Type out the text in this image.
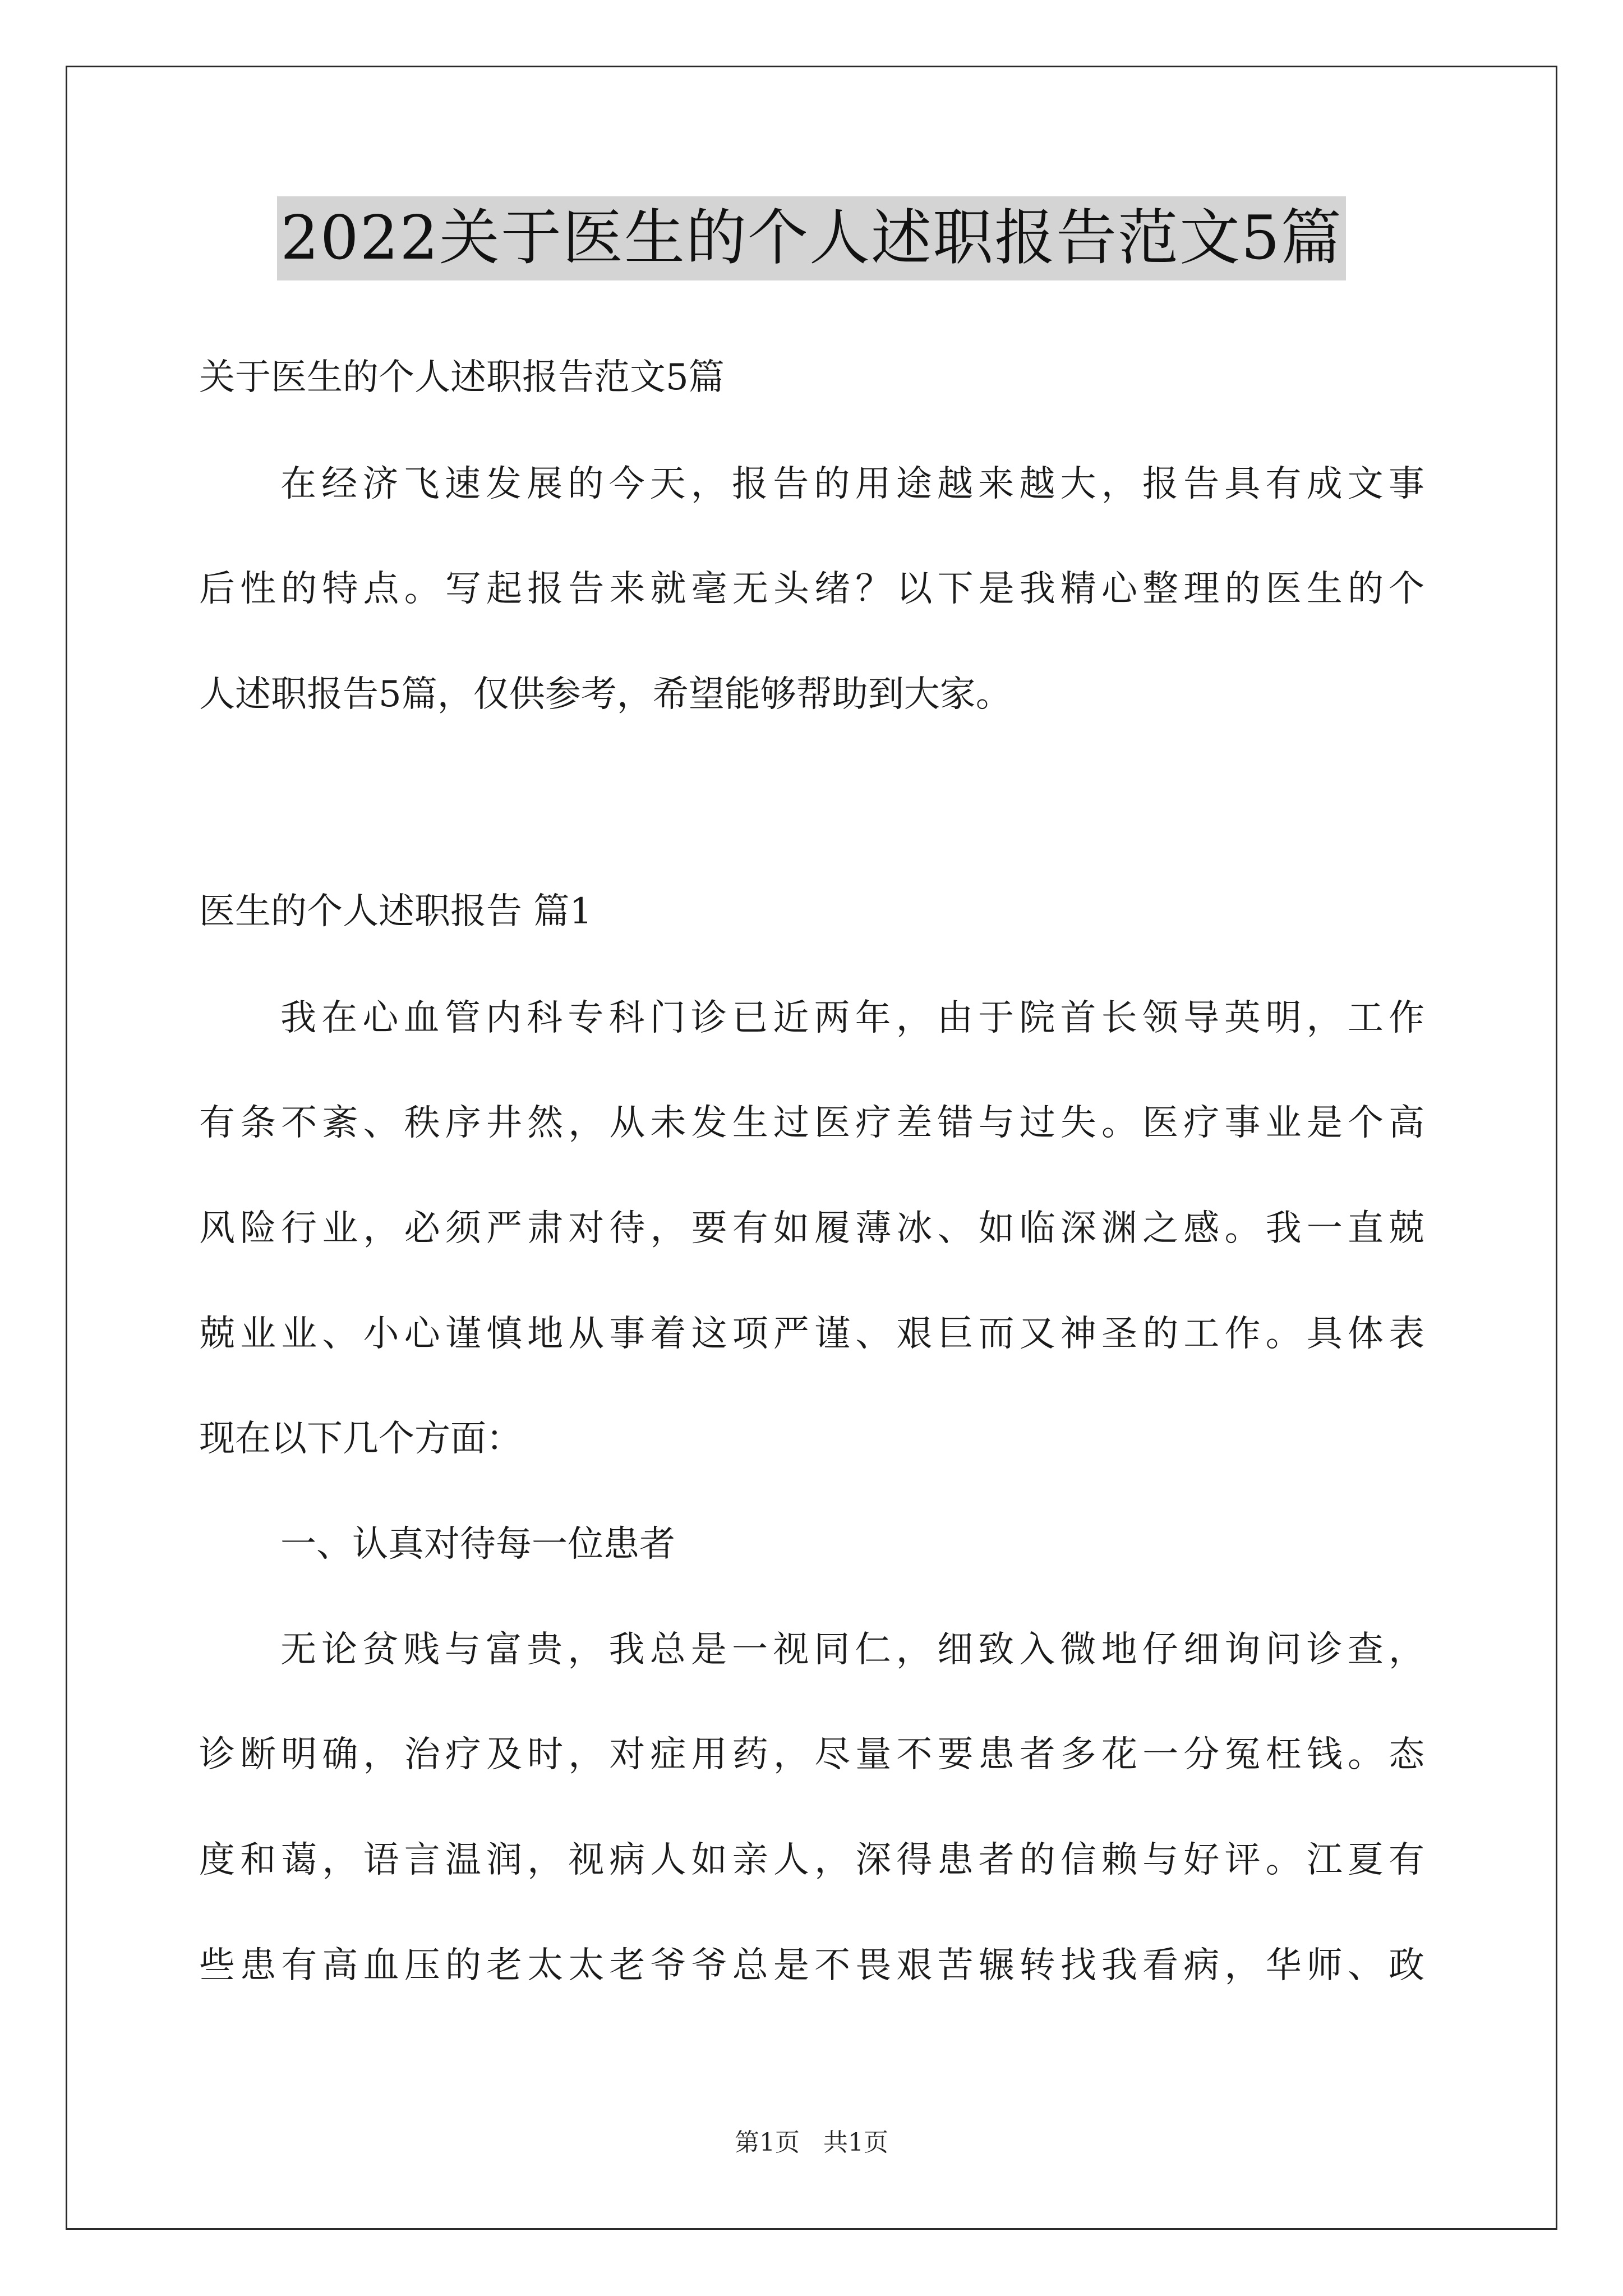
2022关于医生的个人述职报告范文5篇
关于医生的个人述职报告范文5篇
在经济飞速发展的今天，报告的用途越来越大，报告具有成文事
后性的特点。写起报告来就毫无头绪？以下是我精心整理的医生的个
人述职报告5篇，仅供参考，希望能够帮助到大家。
医生的个人述职报告 篇1
我在心血管内科专科门诊已近两年，由于院首长领导英明，工作
有条不紊、秩序井然，从未发生过医疗差错与过失。医疗事业是个高
风险行业，必须严肃对待，要有如履薄冰、如临深渊之感。我一直兢
兢业业、小心谨慎地从事着这项严谨、艰巨而又神圣的工作。具体表
现在以下几个方面：
一、认真对待每一位患者
无论贫贱与富贵，我总是一视同仁，细致入微地仔细询问诊查，
诊断明确，治疗及时，对症用药，尽量不要患者多花一分冤枉钱。态
度和蔼，语言温润，视病人如亲人，深得患者的信赖与好评。江夏有
些患有高血压的老太太老爷爷总是不畏艰苦辗转找我看病，华师、政
第1页   共1页
